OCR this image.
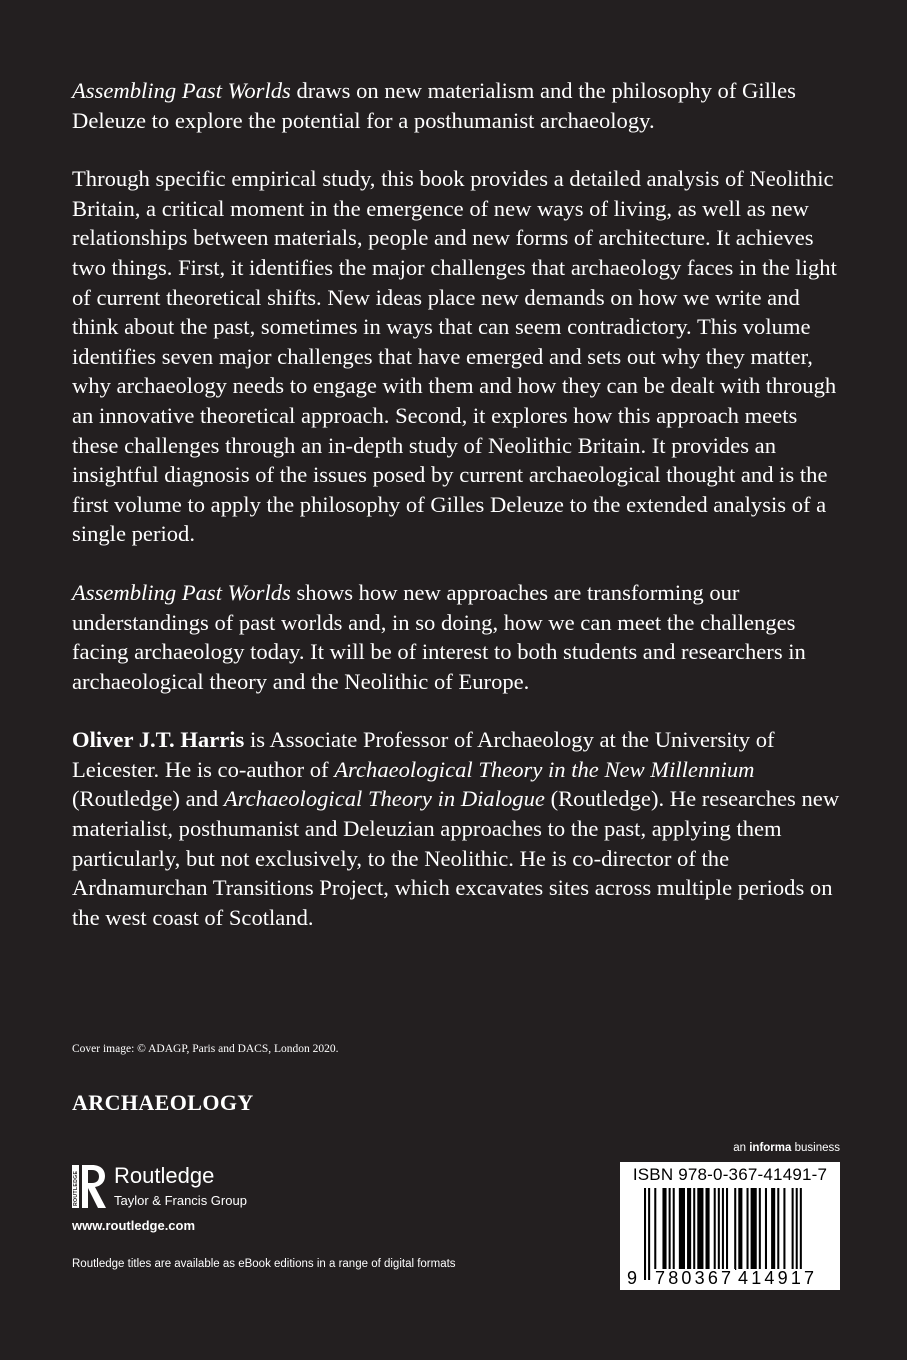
Assembling Past Worlds draws on new materialism and the philosophy of Gilles Deleuze to explore the potential for a posthumanist archaeology.

Through specific empirical study, this book provides a detailed analysis of Neolithic Britain, a critical moment in the emergence of new ways of living, as well as new relationships between materials, people and new forms of architecture. It achieves two things. First, it identifies the major challenges that archaeology faces in the light of current theoretical shifts. New ideas place new demands on how we write and think about the past, sometimes in ways that can seem contradictory. This volume identifies seven major challenges that have emerged and sets out why they matter, why archaeology needs to engage with them and how they can be dealt with through an innovative theoretical approach. Second, it explores how this approach meets these challenges through an in-depth study of Neolithic Britain. It provides an insightful diagnosis of the issues posed by current archaeological thought and is the first volume to apply the philosophy of Gilles Deleuze to the extended analysis of a single period.

Assembling Past Worlds shows how new approaches are transforming our understandings of past worlds and, in so doing, how we can meet the challenges facing archaeology today. It will be of interest to both students and researchers in archaeological theory and the Neolithic of Europe.

Oliver J.T. Harris is Associate Professor of Archaeology at the University of Leicester. He is co-author of Archaeological Theory in the New Millennium (Routledge) and Archaeological Theory in Dialogue (Routledge). He researches new materialist, posthumanist and Deleuzian approaches to the past, applying them particularly, but not exclusively, to the Neolithic. He is co-director of the Ardnamurchan Transitions Project, which excavates sites across multiple periods on the west coast of Scotland.

Cover image: © ADAGP, Paris and DACS, London 2020.
ARCHAEOLOGY
ROUTLEDGE Routledge
Taylor & Francis Group
www.routledge.com
Routledge titles are available as eBook editions in a range of digital formats
an informa business
ISBN 978-0-367-41491-7
9 780367 414917
